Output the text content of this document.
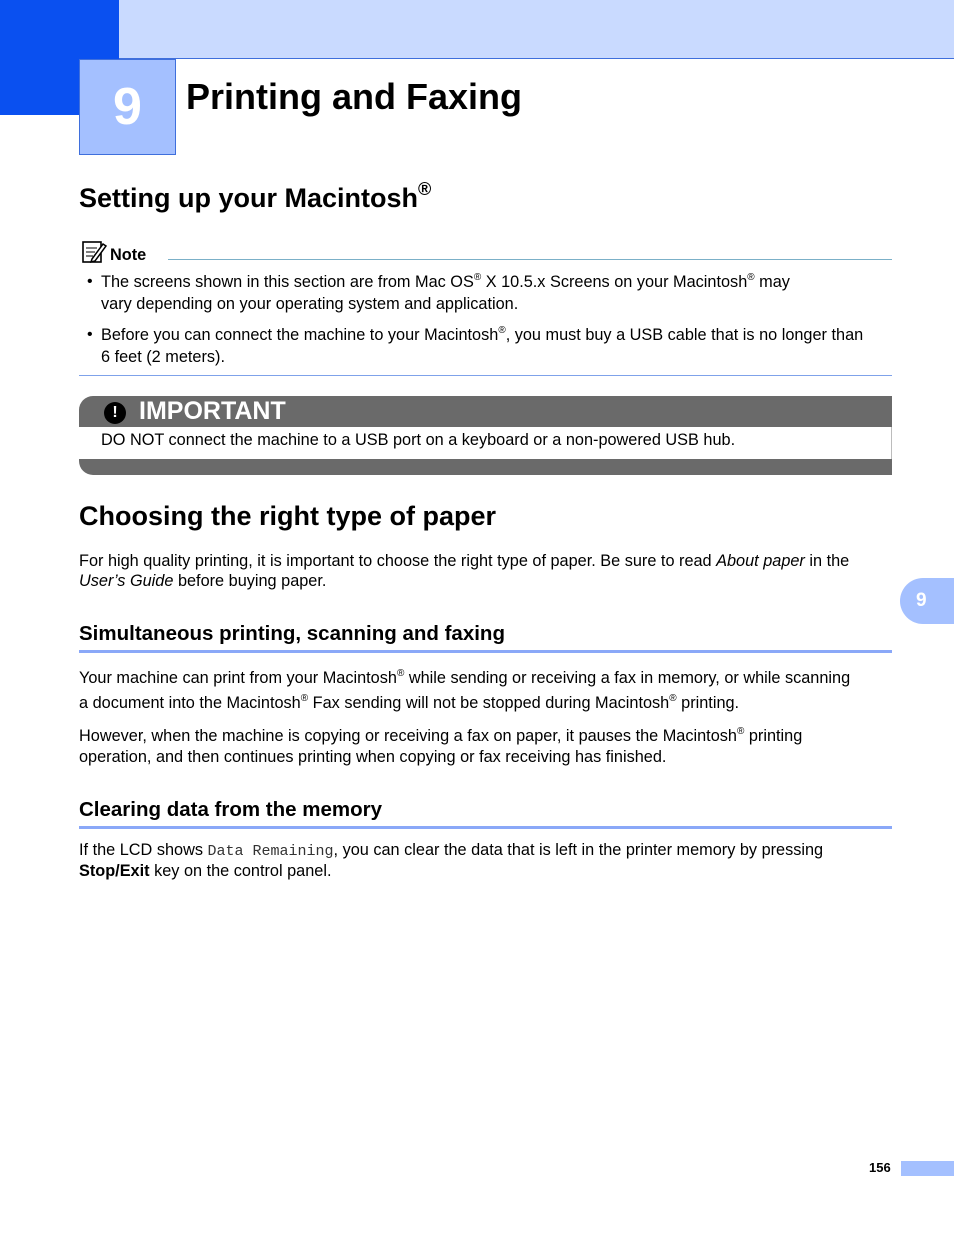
9 Printing and Faxing
Setting up your Macintosh®
Note
• The screens shown in this section are from Mac OS® X 10.5.x Screens on your Macintosh® may
vary depending on your operating system and application.
• Before you can connect the machine to your Macintosh®, you must buy a USB cable that is no longer than
6 feet (2 meters).
! IMPORTANT
DO NOT connect the machine to a USB port on a keyboard or a non-powered USB hub.
Choosing the right type of paper
For high quality printing, it is important to choose the right type of paper. Be sure to read About paper in the
User’s Guide before buying paper.
9
Simultaneous printing, scanning and faxing
Your machine can print from your Macintosh® while sending or receiving a fax in memory, or while scanning
a document into the Macintosh® Fax sending will not be stopped during Macintosh® printing.
However, when the machine is copying or receiving a fax on paper, it pauses the Macintosh® printing
operation, and then continues printing when copying or fax receiving has finished.
Clearing data from the memory
If the LCD shows Data Remaining, you can clear the data that is left in the printer memory by pressing
Stop/Exit key on the control panel.
156
